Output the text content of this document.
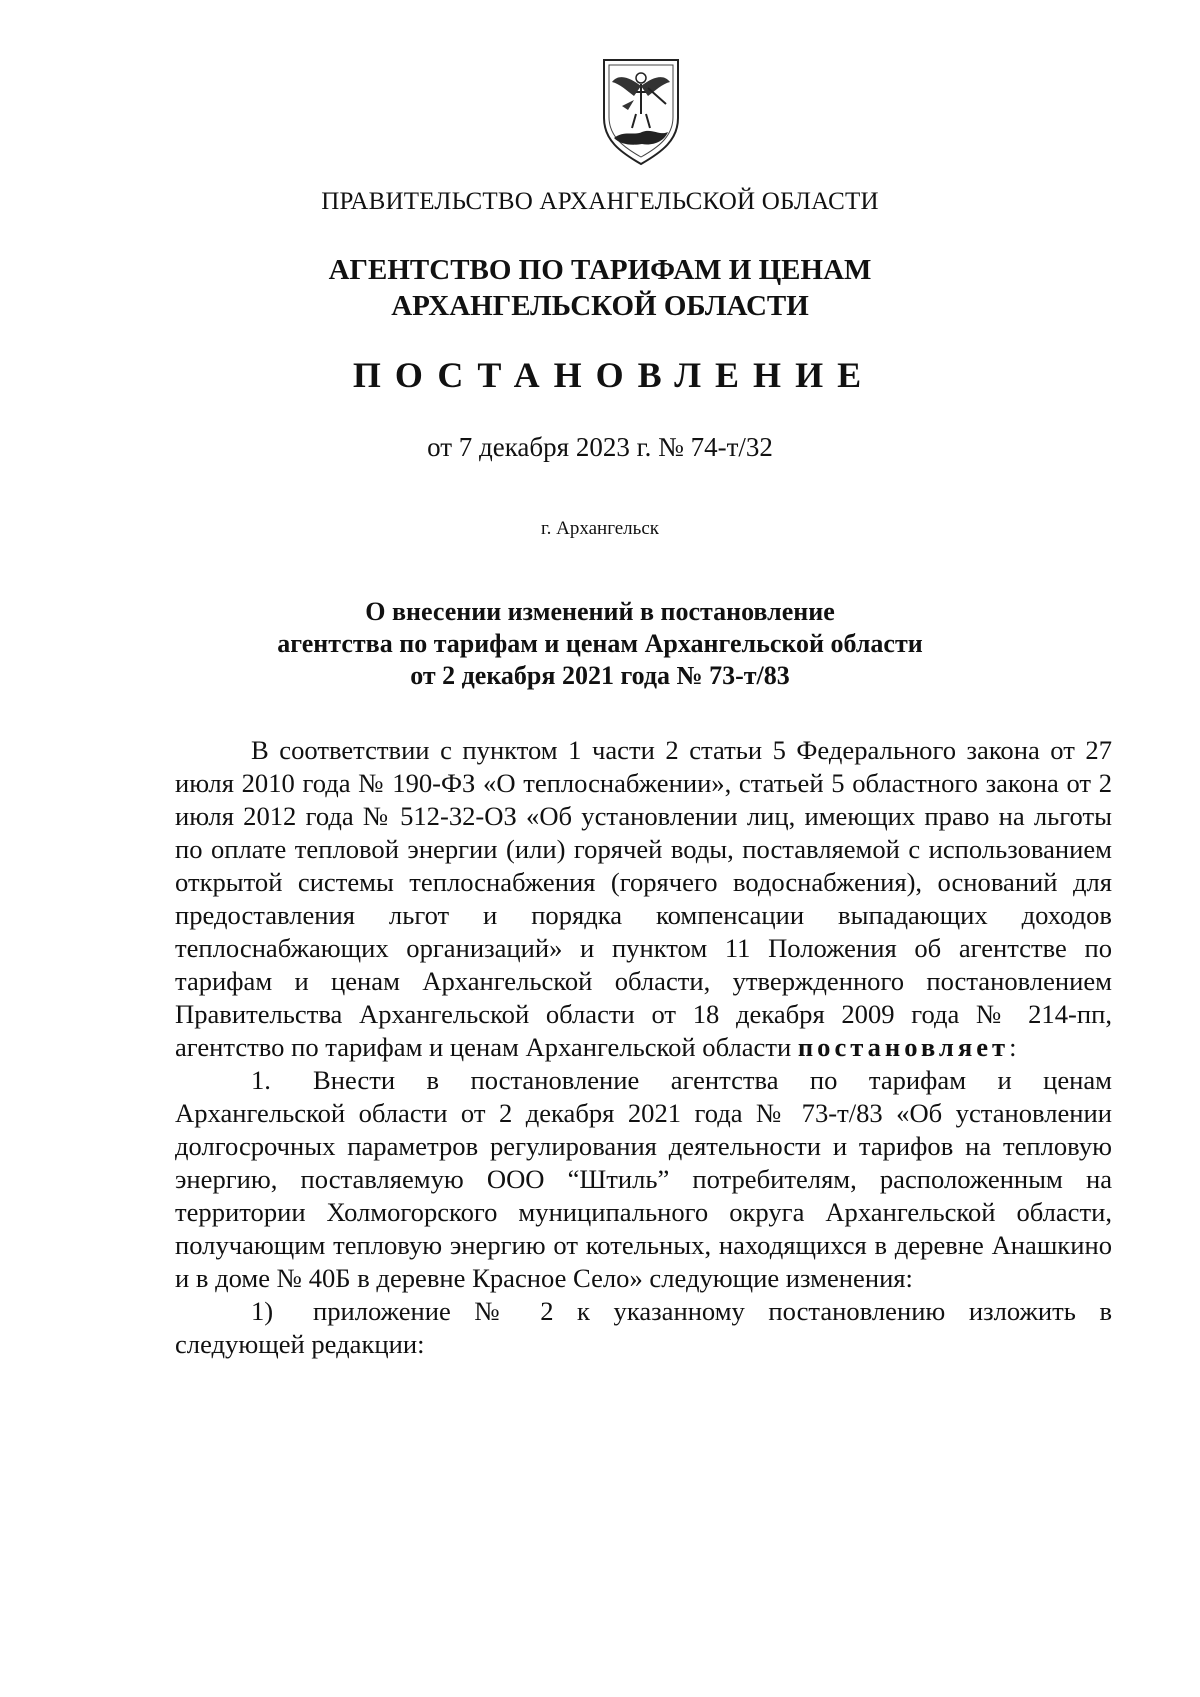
ПРАВИТЕЛЬСТВО АРХАНГЕЛЬСКОЙ ОБЛАСТИ
АГЕНТСТВО ПО ТАРИФАМ И ЦЕНАМ
АРХАНГЕЛЬСКОЙ ОБЛАСТИ
ПОСТАНОВЛЕНИЕ
от 7 декабря 2023 г. № 74-т/32
г. Архангельск
О внесении изменений в постановление
агентства по тарифам и ценам Архангельской области
от 2 декабря 2021 года № 73-т/83

В соответствии с пунктом 1 части 2 статьи 5 Федерального закона от 27 июля 2010 года № 190-ФЗ «О теплоснабжении», статьей 5 областного закона от 2 июля 2012 года № 512-32-ОЗ «Об установлении лиц, имеющих право на льготы по оплате тепловой энергии (или) горячей воды, поставляемой с использованием открытой системы теплоснабжения (горячего водоснабжения), оснований для предоставления льгот и порядка компенсации выпадающих доходов теплоснабжающих организаций» и пунктом 11 Положения об агентстве по тарифам и ценам Архангельской области, утвержденного постановлением Правительства Архангельской области от 18 декабря 2009 года № 214-пп, агентство по тарифам и ценам Архангельской области постановляет:

1. Внести в постановление агентства по тарифам и ценам Архангельской области от 2 декабря 2021 года № 73-т/83 «Об установлении долгосрочных параметров регулирования деятельности и тарифов на тепловую энергию, поставляемую ООО “Штиль” потребителям, расположенным на территории Холмогорского муниципального округа Архангельской области, получающим тепловую энергию от котельных, находящихся в деревне Анашкино и в доме № 40Б в деревне Красное Село» следующие изменения:

1) приложение № 2 к указанному постановлению изложить в следующей редакции:
